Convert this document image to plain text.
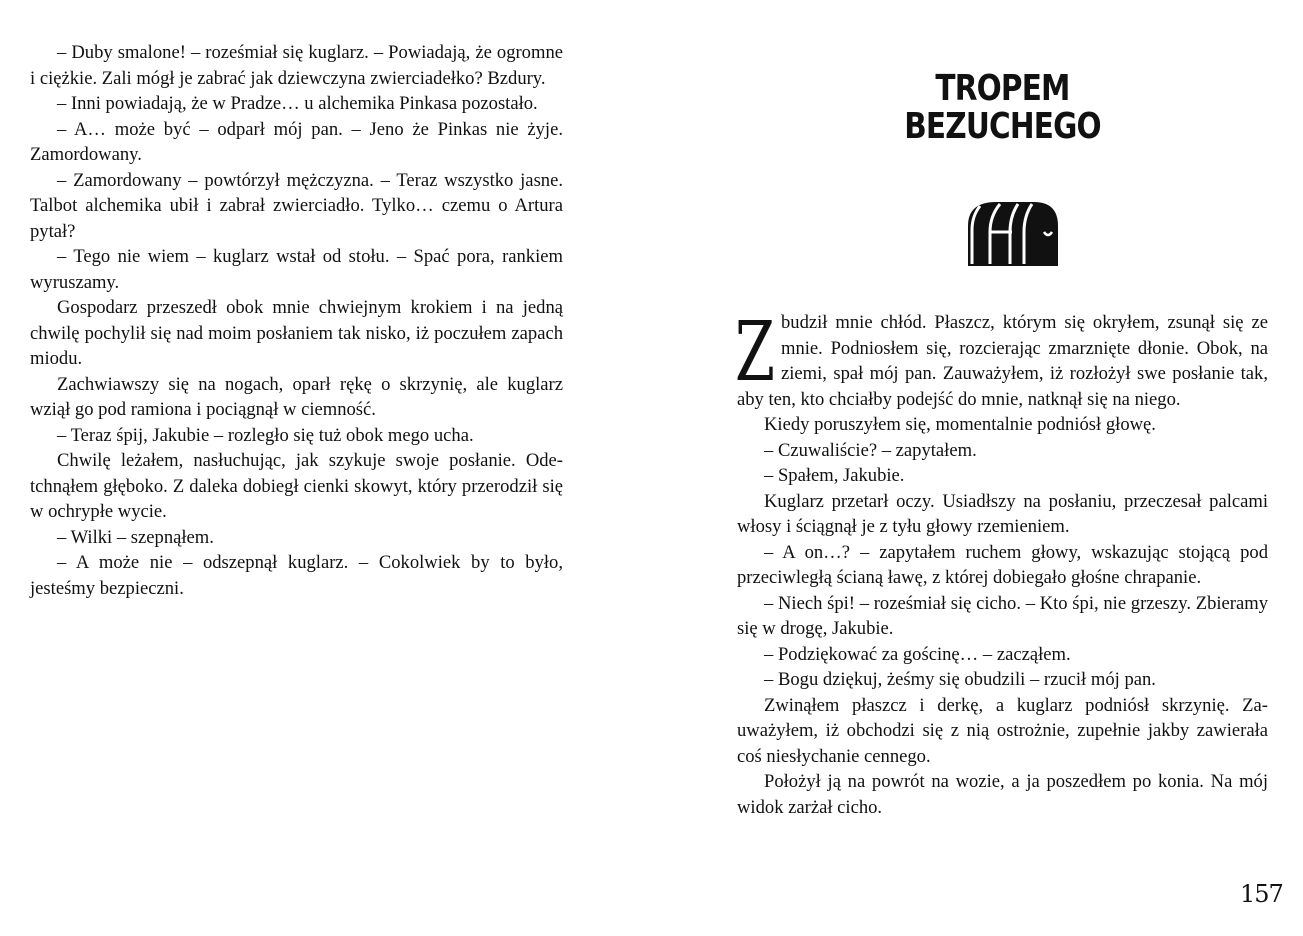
– Duby smalone! – roześmiał się kuglarz. – Powiadają, że ogromne i ciężkie. Zali mógł je zabrać jak dziewczyna zwierciadełko? Bzdury.

– Inni powiadają, że w Pradze… u alchemika Pinkasa pozostało.

– A… może być – odparł mój pan. – Jeno że Pinkas nie żyje. Zamordowany.

– Zamordowany – powtórzył mężczyzna. – Teraz wszystko jasne. Talbot alchemika ubił i zabrał zwierciadło. Tylko… czemu o Artura pytał?

– Tego nie wiem – kuglarz wstał od stołu. – Spać pora, rankiem wyruszamy.

Gospodarz przeszedł obok mnie chwiejnym krokiem i na jedną chwilę pochylił się nad moim posłaniem tak nisko, iż poczułem zapach miodu.

Zachwiawszy się na nogach, oparł rękę o skrzynię, ale kuglarz wziął go pod ramiona i pociągnął w ciemność.

– Teraz śpij, Jakubie – rozległo się tuż obok mego ucha.

Chwilę leżałem, nasłuchując, jak szykuje swoje posłanie. Odetchnąłem głęboko. Z daleka dobiegł cienki skowyt, który przerodził się w ochrypłe wycie.

– Wilki – szepnąłem.

– A może nie – odszepnął kuglarz. – Cokolwiek by to było, jesteśmy bezpieczni.

TROPEM
BEZUCHEGO

Zbudził mnie chłód. Płaszcz, którym się okryłem, zsunął się ze mnie. Podniosłem się, rozcierając zmarznięte dłonie. Obok, na ziemi, spał mój pan. Zauważyłem, iż rozłożył swe posłanie tak, aby ten, kto chciałby podejść do mnie, natknął się na niego.

Kiedy poruszyłem się, momentalnie podniósł głowę.

– Czuwaliście? – zapytałem.

– Spałem, Jakubie.

Kuglarz przetarł oczy. Usiadłszy na posłaniu, przeczesał palcami włosy i ściągnął je z tyłu głowy rzemieniem.

– A on…? – zapytałem ruchem głowy, wskazując stojącą pod przeciwległą ścianą ławę, z której dobiegało głośne chrapanie.

– Niech śpi! – roześmiał się cicho. – Kto śpi, nie grzeszy. Zbieramy się w drogę, Jakubie.

– Podziękować za gościnę… – zacząłem.

– Bogu dziękuj, żeśmy się obudzili – rzucił mój pan.

Zwinąłem płaszcz i derkę, a kuglarz podniósł skrzynię. Zauważyłem, iż obchodzi się z nią ostrożnie, zupełnie jakby zawierała coś niesłychanie cennego.

Położył ją na powrót na wozie, a ja poszedłem po konia. Na mój widok zarżał cicho.

157
